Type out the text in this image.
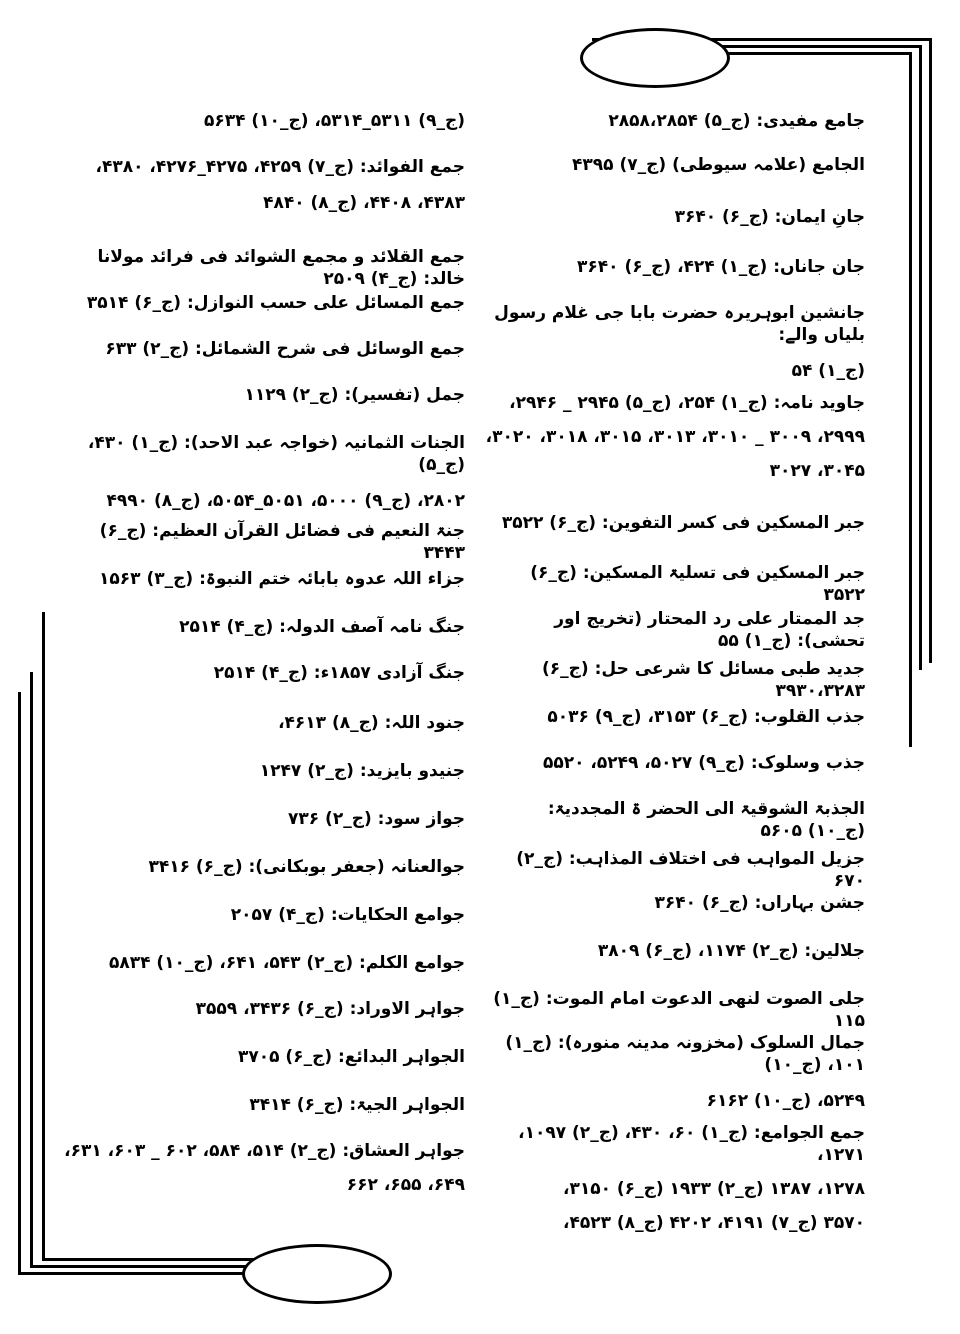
جامع مفیدی: (ج_۵) ۲۸۵۸،۲۸۵۴

الجامع (علامہ سیوطی) (ج_۷) ۴۳۹۵

جانِ ایمان: (ج_۶) ۳۶۴۰

جان جاناں: (ج_۱) ۴۲۴، (ج_۶) ۳۶۴۰

جانشین ابوہریرہ حضرت بابا جی غلام رسول بلیاں والے:
(ج_۱) ۵۴

جاوید نامہ: (ج_۱) ۲۵۴، (ج_۵) ۲۹۴۵ _ ۲۹۴۶،
۲۹۹۹، ۳۰۰۹ _ ۳۰۱۰، ۳۰۱۳، ۳۰۱۵، ۳۰۱۸، ۳۰۲۰،
۳۰۴۵، ۳۰۲۷

جبر المسکین فی کسر التفوین: (ج_۶) ۳۵۲۲

جبر المسکین فی تسلیۃ المسکین: (ج_۶) ۳۵۲۲

جد الممتار علی رد المحتار (تخریج اور تحشی): (ج_۱) ۵۵

جدید طبی مسائل کا شرعی حل: (ج_۶) ۳۹۳۰،۳۲۸۳

جذب القلوب: (ج_۶) ۳۱۵۳، (ج_۹) ۵۰۳۶

جذب وسلوک: (ج_۹) ۵۰۲۷، ۵۲۴۹، ۵۵۲۰

الجذبۃ الشوقیۃ الی الحضر ۃ المجددیۃ: (ج_۱۰) ۵۶۰۵

جزیل المواہب فی اختلاف المذاہب: (ج_۲) ۶۷۰

جشن بہاراں: (ج_۶) ۳۶۴۰

جلالین: (ج_۲) ۱۱۷۴، (ج_۶) ۳۸۰۹

جلی الصوت لنھی الدعوت امام الموت: (ج_۱) ۱۱۵

جمال السلوک (مخزونہ مدینہ منورہ): (ج_۱) ۱۰۱، (ج_۱۰)
۵۲۴۹، (ج_۱۰) ۶۱۶۲

جمع الجوامع: (ج_۱) ۶۰، ۴۳۰، (ج_۲) ۱۰۹۷، ۱۲۷۱،
۱۲۷۸، ۱۳۸۷ (ج_۲) ۱۹۳۳ (ج_۶) ۳۱۵۰،
۳۵۷۰ (ج_۷) ۴۱۹۱، ۴۲۰۲ (ج_۸) ۴۵۲۳،

(ج_۹) ۵۳۱۱_۵۳۱۴، (ج_۱۰) ۵۶۳۴

جمع الفوائد: (ج_۷) ۴۲۵۹، ۴۲۷۵_۴۲۷۶، ۴۳۸۰،
۴۳۸۳، ۴۴۰۸، (ج_۸) ۴۸۴۰

جمع القلائد و مجمع الشوائد فی فرائد مولانا خالد: (ج_۴) ۲۵۰۹

جمع المسائل علی حسب النوازل: (ج_۶) ۳۵۱۴

جمع الوسائل فی شرح الشمائل: (ج_۲) ۶۳۳

جمل (تفسیر): (ج_۲) ۱۱۲۹

الجنات الثمانیہ (خواجہ عبد الاحد): (ج_۱) ۴۳۰، (ج_۵)
۲۸۰۲، (ج_۹) ۵۰۰۰، ۵۰۵۱_۵۰۵۴، (ج_۸) ۴۹۹۰

جنۃ النعیم فی فضائل القرآن العظیم: (ج_۶) ۳۴۴۳

جزاء اللہ عدوہ بابائہ ختم النبوۃ: (ج_۳) ۱۵۶۳

جنگ نامہ آصف الدولہ: (ج_۴) ۲۵۱۴

جنگ آزادی ۱۸۵۷ء: (ج_۴) ۲۵۱۴

جنود اللہ: (ج_۸) ۴۶۱۳،

جنیدو بایزید: (ج_۲) ۱۲۴۷

جواز سود: (ج_۲) ۷۳۶

جوالعنانہ (جعفر بوبکانی): (ج_۶) ۳۴۱۶

جوامع الحکایات: (ج_۴) ۲۰۵۷

جوامع الکلم: (ج_۲) ۵۴۳، ۶۴۱، (ج_۱۰) ۵۸۳۴

جواہر الاوراد: (ج_۶) ۳۴۳۶، ۳۵۵۹

الجواہر البدائع: (ج_۶) ۳۷۰۵

الجواہر الجیۃ: (ج_۶) ۳۴۱۴

جواہر العشاق: (ج_۲) ۵۱۴، ۵۸۴، ۶۰۲ _ ۶۰۳، ۶۳۱،
۶۴۹، ۶۵۵، ۶۶۲
